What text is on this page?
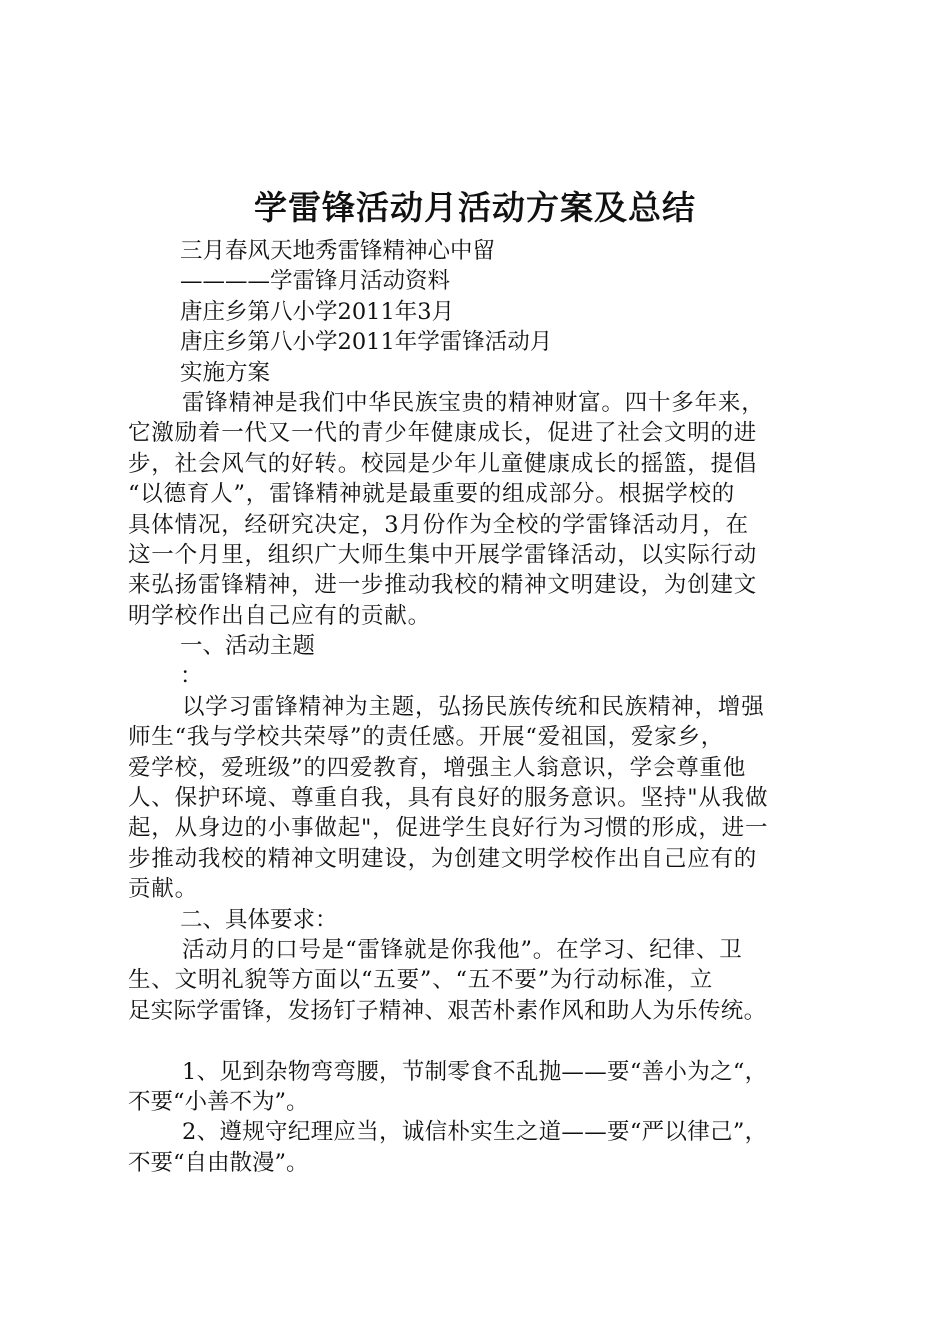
学雷锋活动月活动方案及总结
三月春风天地秀雷锋精神心中留
————学雷锋月活动资料
唐庄乡第八小学2011年3月
唐庄乡第八小学2011年学雷锋活动月
实施方案
雷锋精神是我们中华民族宝贵的精神财富。四十多年来，
它激励着一代又一代的青少年健康成长，促进了社会文明的进
步，社会风气的好转。校园是少年儿童健康成长的摇篮，提倡
“以德育人”，雷锋精神就是最重要的组成部分。根据学校的
具体情况，经研究决定，3月份作为全校的学雷锋活动月，在
这一个月里，组织广大师生集中开展学雷锋活动，以实际行动
来弘扬雷锋精神，进一步推动我校的精神文明建设，为创建文
明学校作出自己应有的贡献。
一、活动主题
：
以学习雷锋精神为主题，弘扬民族传统和民族精神，增强
师生“我与学校共荣辱”的责任感。开展“爱祖国，爱家乡，
爱学校，爱班级”的四爱教育，增强主人翁意识，学会尊重他
人、保护环境、尊重自我，具有良好的服务意识。坚持"从我做
起，从身边的小事做起"，促进学生良好行为习惯的形成，进一
步推动我校的精神文明建设，为创建文明学校作出自己应有的
贡献。
二、具体要求：
活动月的口号是“雷锋就是你我他”。在学习、纪律、卫
生、文明礼貌等方面以“五要”、“五不要”为行动标准，立
足实际学雷锋，发扬钉子精神、艰苦朴素作风和助人为乐传统。
1、见到杂物弯弯腰，节制零食不乱抛——要“善小为之“，
不要“小善不为”。
2、遵规守纪理应当，诚信朴实生之道——要“严以律己”，
不要“自由散漫”。
